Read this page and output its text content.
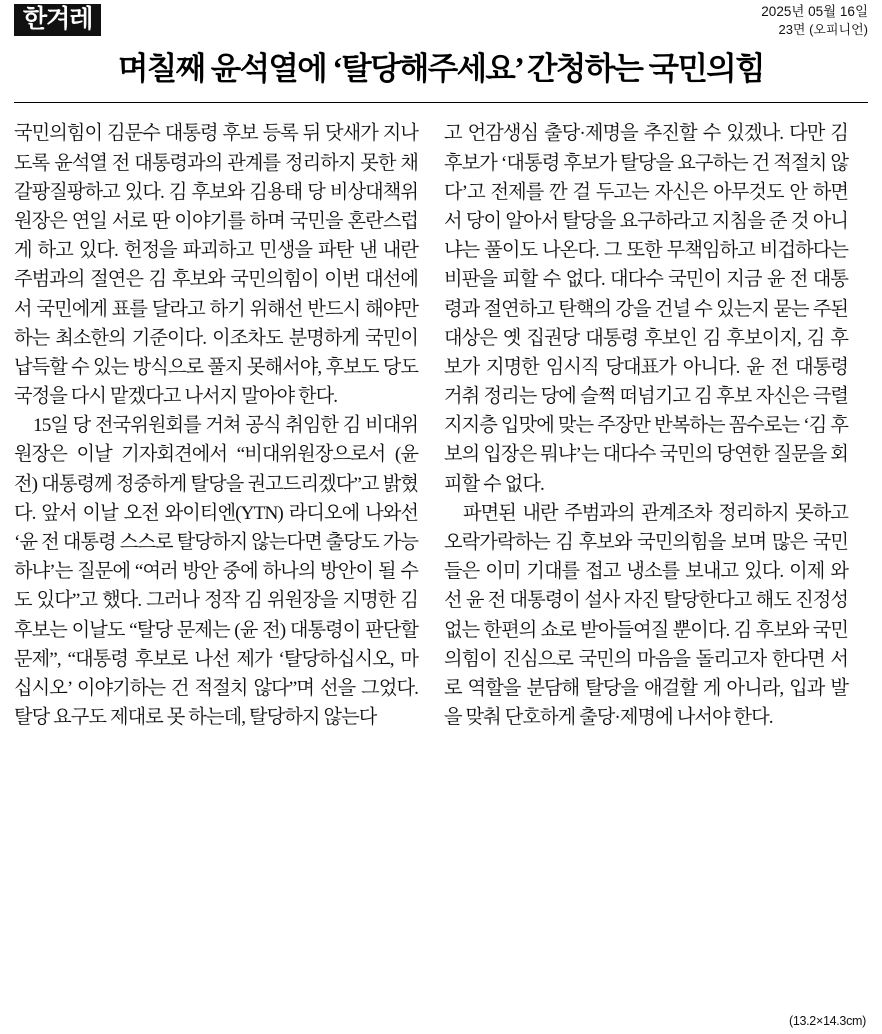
한겨레	2025년 05월 16일
23면 (오피니언)
며칠째 윤석열에 ‘탈당해주세요’ 간청하는 국민의힘

국민의힘이 김문수 대통령 후보 등록 뒤 닷새가 지나도록 윤석열 전 대통령과의 관계를 정리하지 못한 채 갈팡질팡하고 있다. 김 후보와 김용태 당 비상대책위원장은 연일 서로 딴 이야기를 하며 국민을 혼란스럽게 하고 있다. 헌정을 파괴하고 민생을 파탄 낸 내란 주범과의 절연은 김 후보와 국민의힘이 이번 대선에서 국민에게 표를 달라고 하기 위해선 반드시 해야만 하는 최소한의 기준이다. 이조차도 분명하게 국민이 납득할 수 있는 방식으로 풀지 못해서야, 후보도 당도 국정을 다시 맡겠다고 나서지 말아야 한다.

15일 당 전국위원회를 거쳐 공식 취임한 김 비대위원장은 이날 기자회견에서 “비대위원장으로서 (윤 전) 대통령께 정중하게 탈당을 권고드리겠다”고 밝혔다. 앞서 이날 오전 와이티엔(YTN) 라디오에 나와선 ‘윤 전 대통령 스스로 탈당하지 않는다면 출당도 가능하냐’는 질문에 “여러 방안 중에 하나의 방안이 될 수도 있다”고 했다. 그러나 정작 김 위원장을 지명한 김 후보는 이날도 “탈당 문제는 (윤 전) 대통령이 판단할 문제”, “대통령 후보로 나선 제가 ‘탈당하십시오, 마십시오’ 이야기하는 건 적절치 않다”며 선을 그었다. 탈당 요구도 제대로 못 하는데, 탈당하지 않는다

고 언감생심 출당·제명을 추진할 수 있겠나. 다만 김 후보가 ‘대통령 후보가 탈당을 요구하는 건 적절치 않다’고 전제를 깐 걸 두고는 자신은 아무것도 안 하면서 당이 알아서 탈당을 요구하라고 지침을 준 것 아니냐는 풀이도 나온다. 그 또한 무책임하고 비겁하다는 비판을 피할 수 없다. 대다수 국민이 지금 윤 전 대통령과 절연하고 탄핵의 강을 건널 수 있는지 묻는 주된 대상은 옛 집권당 대통령 후보인 김 후보이지, 김 후보가 지명한 임시직 당대표가 아니다. 윤 전 대통령 거취 정리는 당에 슬쩍 떠넘기고 김 후보 자신은 극렬 지지층 입맛에 맞는 주장만 반복하는 꼼수로는 ‘김 후보의 입장은 뭐냐’는 대다수 국민의 당연한 질문을 회피할 수 없다.

파면된 내란 주범과의 관계조차 정리하지 못하고 오락가락하는 김 후보와 국민의힘을 보며 많은 국민들은 이미 기대를 접고 냉소를 보내고 있다. 이제 와선 윤 전 대통령이 설사 자진 탈당한다고 해도 진정성 없는 한편의 쇼로 받아들여질 뿐이다. 김 후보와 국민의힘이 진심으로 국민의 마음을 돌리고자 한다면 서로 역할을 분담해 탈당을 애걸할 게 아니라, 입과 발을 맞춰 단호하게 출당·제명에 나서야 한다.

(13.2×14.3cm)
